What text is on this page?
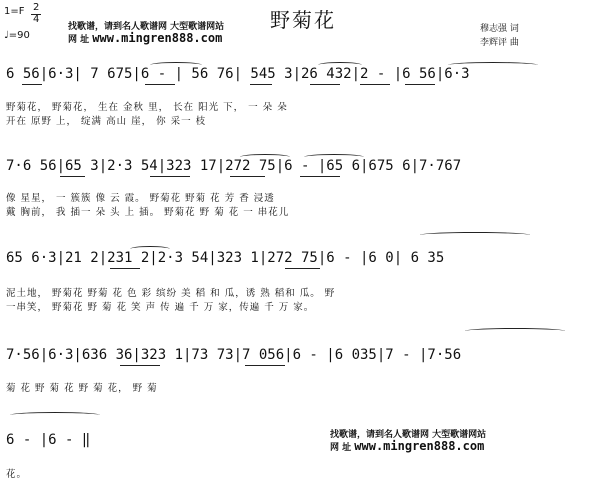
1=F 2
4
♩=90
找歌谱，请到名人歌谱网 大型歌谱网站
网 址 www.mingren888.com
野菊花	穆志强 词
李辉评 曲
6 56|6·3| 7 675|6 - | 56 76| 545 3|26 432|2 - |6 56|6·3
野菊花， 野菊花， 生在 金秋 里， 长在 阳光 下， 一 朵 朵
开在 原野 上， 绽满 高山 崖， 你 采一 枝
7·6 56|65 3|2·3 54|323 17|272 75|6 - |65 6|675 6|7·767
像 星星， 一 簇簇 像 云 霞。 野菊花 野菊 花 芳 香 浸透
戴 胸前， 我 插一 朵 头 上 插。 野菊花 野 菊 花 一 串花儿
65 6·3|21 2|231 2|2·3 54|323 1|272 75|6 - |6 0| 6 35
泥土地， 野菊花 野菊 花 色 彩 缤纷 美 稻 和 瓜，诱 熟 稻和 瓜。 野
一串笑， 野菊花 野 菊 花 笑 声 传 遍 千 万 家，传遍 千 万 家。
7·56|6·3|636 36|323 1|73 73|7 056|6 - |6 035|7 - |7·56
菊 花 野 菊 花 野 菊 花， 野 菊
6 - |6 - ‖
花。
找歌谱，请到名人歌谱网 大型歌谱网站
网 址 www.mingren888.com
